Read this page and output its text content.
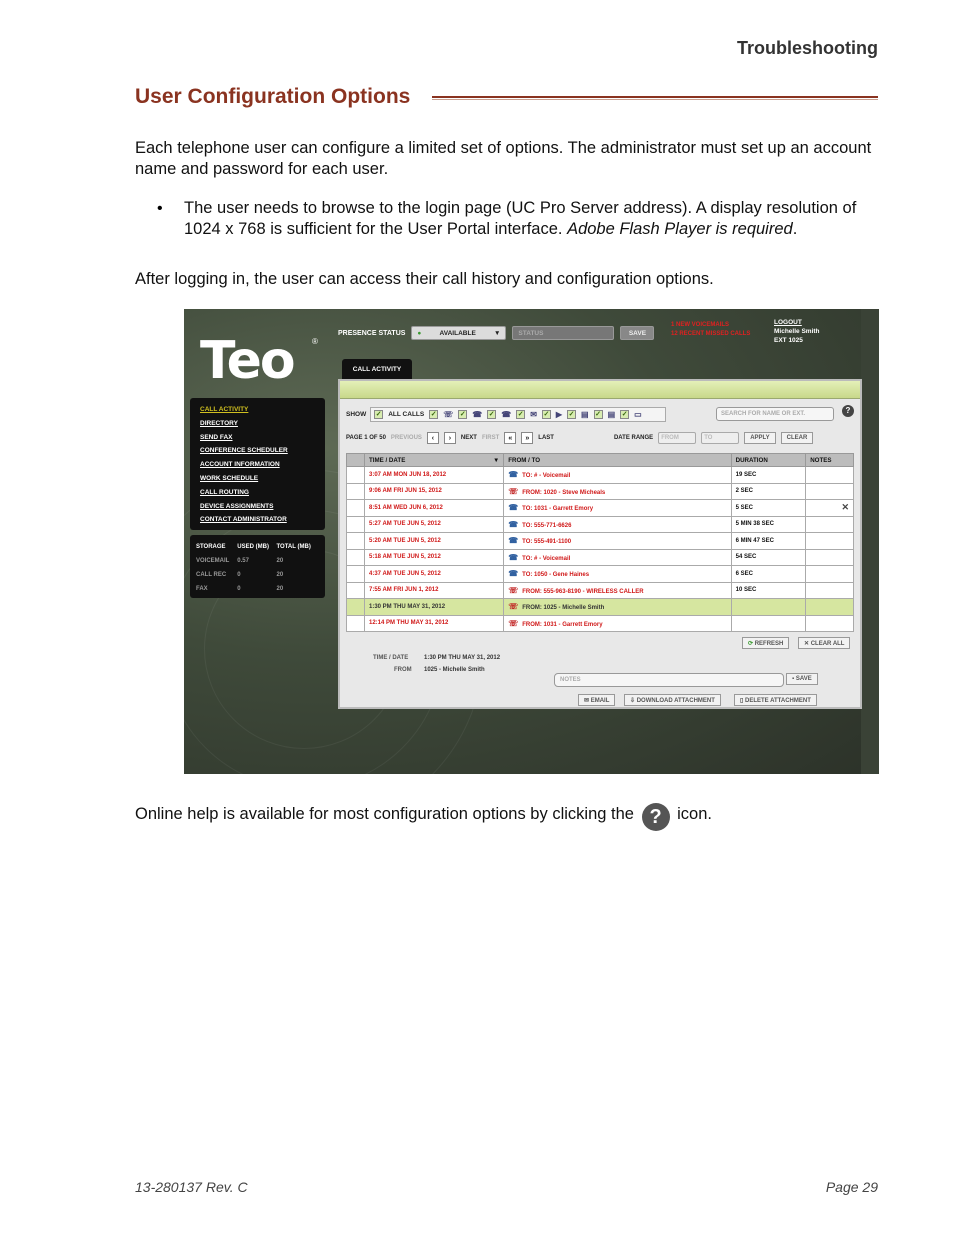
Troubleshooting
User Configuration Options

Each telephone user can configure a limited set of options. The administrator must set up an account name and password for each user.

• The user needs to browse to the login page (UC Pro Server address). A display resolution of 1024 x 768 is sufficient for the User Portal interface. Adobe Flash Player is required.

After logging in, the user can access their call history and configuration options.

Teo ®
PRESENCE STATUS ●	AVAILABLE	▼	STATUS	SAVE
1 NEW VOICEMAILS
12 RECENT MISSED CALLS
LOGOUT
Michelle Smith
EXT 1025
CALL ACTIVITY
CALL ACTIVITY
DIRECTORY
SEND FAX
CONFERENCE SCHEDULER
ACCOUNT INFORMATION
WORK SCHEDULE
CALL ROUTING
DEVICE ASSIGNMENTS
CONTACT ADMINISTRATOR
STORAGE	USED (MB)	TOTAL (MB)
VOICEMAIL	0.57	20
CALL REC	0	20
FAX	0	20
SHOW ✓ ALL CALLS ✓ ☏ ✓ ☎ ✓ ☎ ✓ ✉ ✓ ▶ ✓ ▤ ✓ ▤ ✓ ▭	SEARCH FOR NAME OR EXT.	?
PAGE 1 OF 50 PREVIOUS	‹	›	NEXT FIRST	«	»	LAST	DATE RANGE	FROM	TO	APPLY	CLEAR
	TIME / DATE ▼	FROM / TO	DURATION	NOTES
	3:07 AM MON JUN 18, 2012	☎ TO: # - Voicemail	19 SEC	
	9:06 AM FRI JUN 15, 2012	☏ FROM: 1020 - Steve Micheals	2 SEC	
	8:51 AM WED JUN 6, 2012	☎ TO: 1031 - Garrett Emory	5 SEC	✕
	5:27 AM TUE JUN 5, 2012	☎ TO: 555-771-6626	5 MIN 38 SEC	
	5:20 AM TUE JUN 5, 2012	☎ TO: 555-491-1100	6 MIN 47 SEC	
	5:18 AM TUE JUN 5, 2012	☎ TO: # - Voicemail	54 SEC	
	4:37 AM TUE JUN 5, 2012	☎ TO: 1050 - Gene Haines	6 SEC	
	7:55 AM FRI JUN 1, 2012	☏ FROM: 555-963-8190 - WIRELESS CALLER	10 SEC	
	1:30 PM THU MAY 31, 2012	☏ FROM: 1025 - Michelle Smith		
	12:14 PM THU MAY 31, 2012	☏ FROM: 1031 - Garrett Emory		
⟳ REFRESH	✕ CLEAR ALL
TIME / DATE	1:30 PM THU MAY 31, 2012
FROM 1025 - Michelle Smith
NOTES	▪ SAVE
✉ EMAIL	⇩ DOWNLOAD ATTACHMENT	▯ DELETE ATTACHMENT

Online help is available for most configuration options by clicking the ? icon.

13-280137 Rev. C	Page 29
